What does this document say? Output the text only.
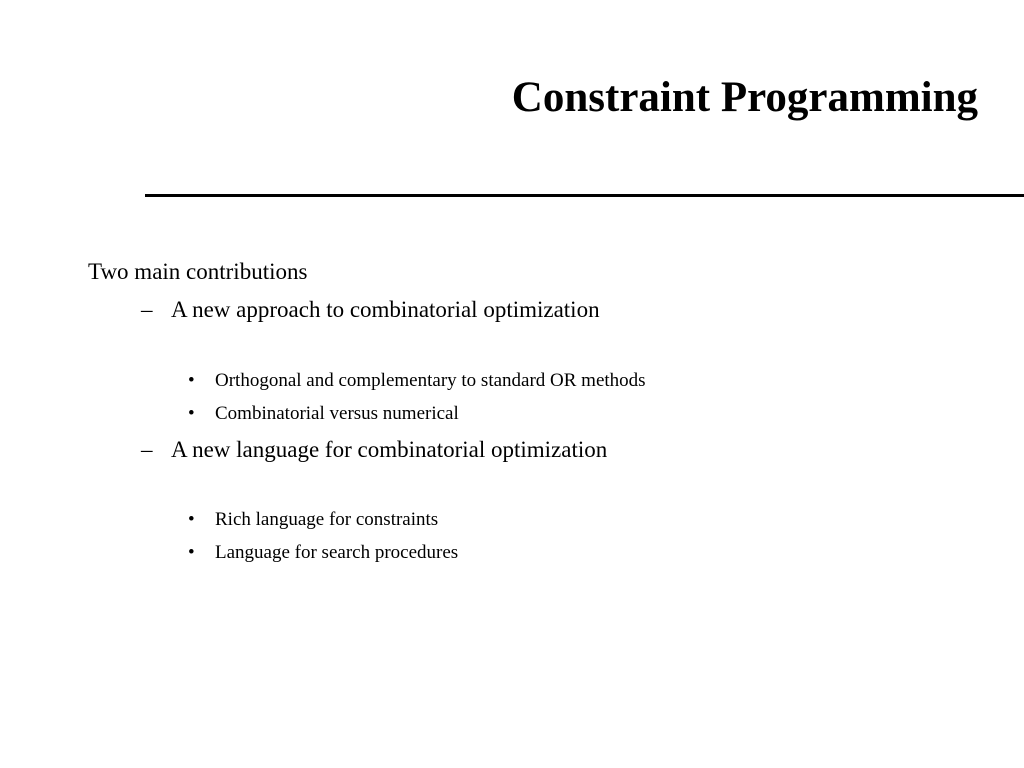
Constraint Programming
Two main contributions
– A new approach to combinatorial optimization
• Orthogonal and complementary to standard OR methods
• Combinatorial versus numerical
– A new language for combinatorial optimization
• Rich language for constraints
• Language for search procedures
